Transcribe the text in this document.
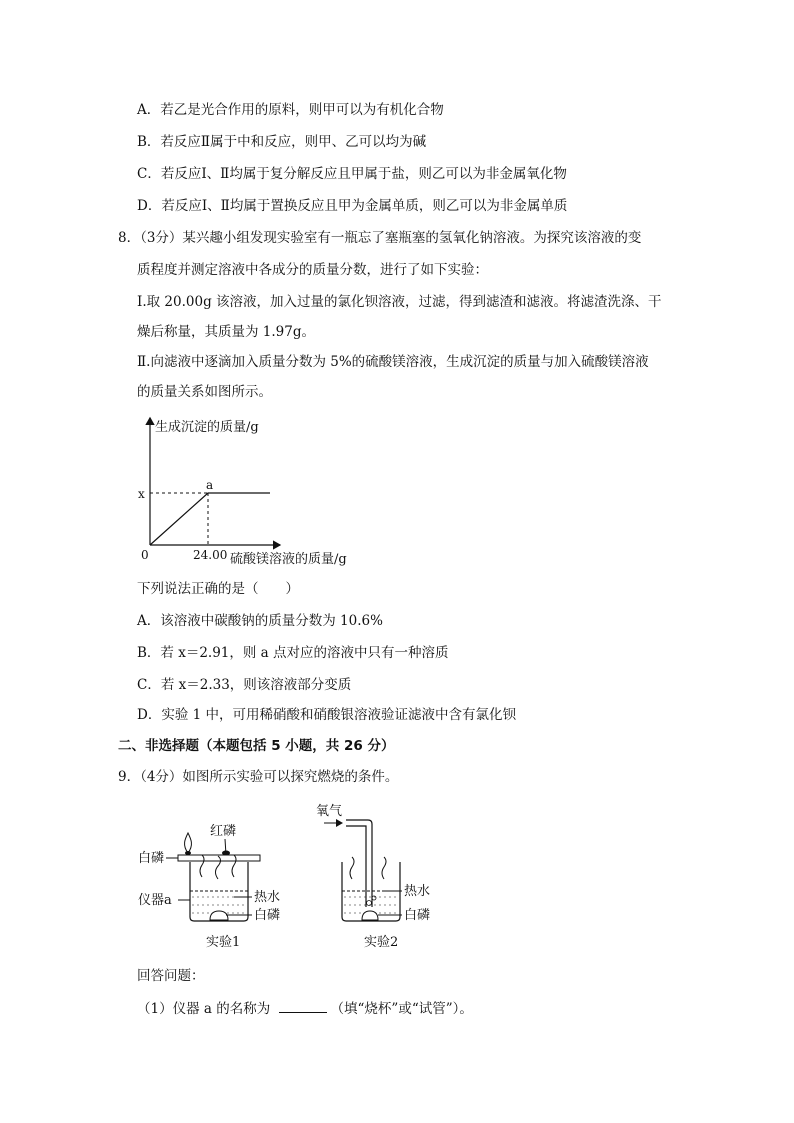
A．若乙是光合作用的原料，则甲可以为有机化合物
B．若反应Ⅱ属于中和反应，则甲、乙可以均为碱
C．若反应Ⅰ、Ⅱ均属于复分解反应且甲属于盐，则乙可以为非金属氧化物
D．若反应Ⅰ、Ⅱ均属于置换反应且甲为金属单质，则乙可以为非金属单质
8．（3分）某兴趣小组发现实验室有一瓶忘了塞瓶塞的氢氧化钠溶液。为探究该溶液的变
质程度并测定溶液中各成分的质量分数，进行了如下实验：
Ⅰ.取 20.00g 该溶液，加入过量的氯化钡溶液，过滤，得到滤渣和滤液。将滤渣洗涤、干
燥后称量，其质量为 1.97g。
Ⅱ.向滤液中逐滴加入质量分数为 5%的硫酸镁溶液，生成沉淀的质量与加入硫酸镁溶液
的质量关系如图所示。
生成沉淀的质量/g
硫酸镁溶液的质量/g
0	24.00
x
a
下列说法正确的是（　　）
A．该溶液中碳酸钠的质量分数为 10.6%
B．若 x＝2.91，则 a 点对应的溶液中只有一种溶质
C．若 x＝2.33，则该溶液部分变质
D．实验 1 中，可用稀硝酸和硝酸银溶液验证滤液中含有氯化钡
二、非选择题（本题包括 5 小题，共 26 分）
9．（4分）如图所示实验可以探究燃烧的条件。
红磷
白磷
仪器a	热水
白磷
实验1
氧气
热水
白磷
实验2
回答问题：
（1）仪器 a 的名称为	（填“烧杯”或“试管”）。
